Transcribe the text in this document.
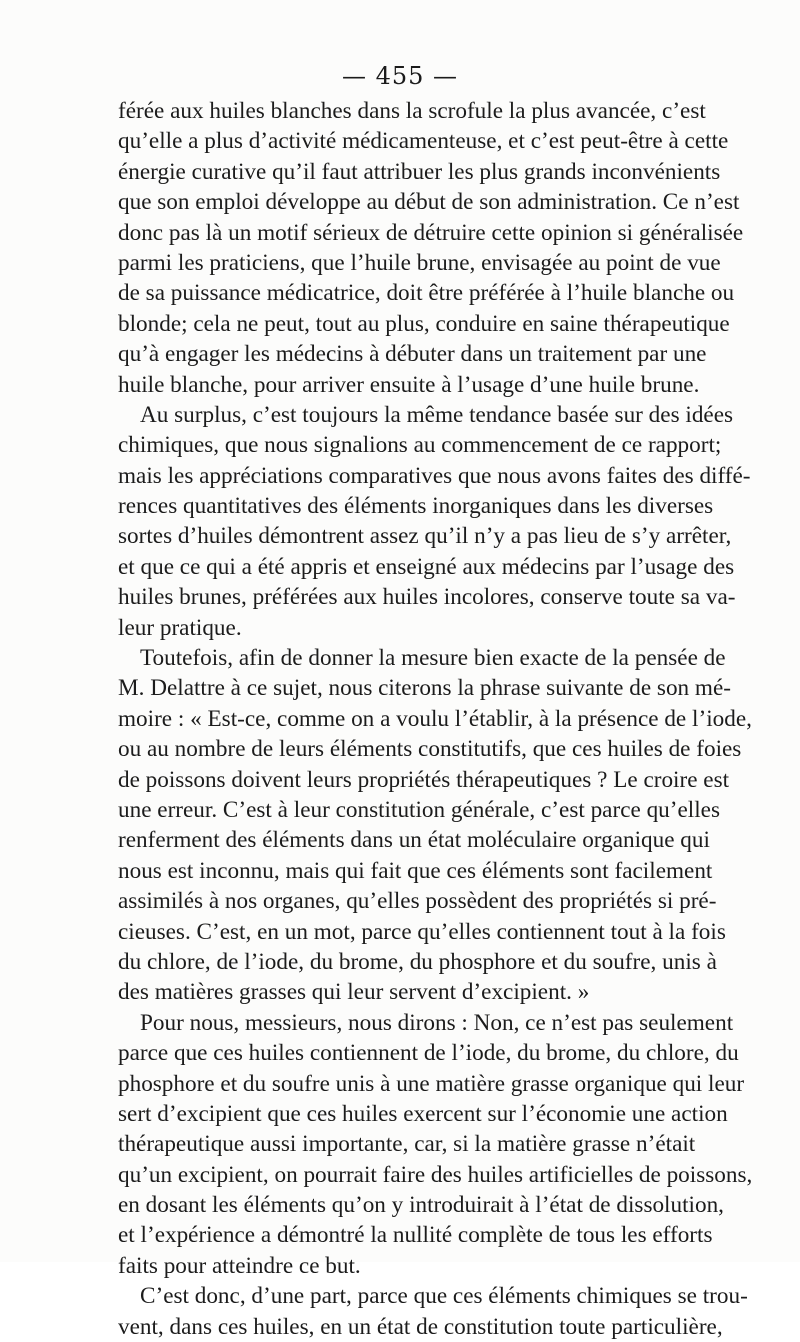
— 455 —
férée aux huiles blanches dans la scrofule la plus avancée, c’est
qu’elle a plus d’activité médicamenteuse, et c’est peut-être à cette
énergie curative qu’il faut attribuer les plus grands inconvénients
que son emploi développe au début de son administration. Ce n’est
donc pas là un motif sérieux de détruire cette opinion si généralisée
parmi les praticiens, que l’huile brune, envisagée au point de vue
de sa puissance médicatrice, doit être préférée à l’huile blanche ou
blonde; cela ne peut, tout au plus, conduire en saine thérapeutique
qu’à engager les médecins à débuter dans un traitement par une
huile blanche, pour arriver ensuite à l’usage d’une huile brune.
Au surplus, c’est toujours la même tendance basée sur des idées
chimiques, que nous signalions au commencement de ce rapport;
mais les appréciations comparatives que nous avons faites des diffé-
rences quantitatives des éléments inorganiques dans les diverses
sortes d’huiles démontrent assez qu’il n’y a pas lieu de s’y arrêter,
et que ce qui a été appris et enseigné aux médecins par l’usage des
huiles brunes, préférées aux huiles incolores, conserve toute sa va-
leur pratique.
Toutefois, afin de donner la mesure bien exacte de la pensée de
M. Delattre à ce sujet, nous citerons la phrase suivante de son mé-
moire : « Est-ce, comme on a voulu l’établir, à la présence de l’iode,
ou au nombre de leurs éléments constitutifs, que ces huiles de foies
de poissons doivent leurs propriétés thérapeutiques ? Le croire est
une erreur. C’est à leur constitution générale, c’est parce qu’elles
renferment des éléments dans un état moléculaire organique qui
nous est inconnu, mais qui fait que ces éléments sont facilement
assimilés à nos organes, qu’elles possèdent des propriétés si pré-
cieuses. C’est, en un mot, parce qu’elles contiennent tout à la fois
du chlore, de l’iode, du brome, du phosphore et du soufre, unis à
des matières grasses qui leur servent d’excipient. »
Pour nous, messieurs, nous dirons : Non, ce n’est pas seulement
parce que ces huiles contiennent de l’iode, du brome, du chlore, du
phosphore et du soufre unis à une matière grasse organique qui leur
sert d’excipient que ces huiles exercent sur l’économie une action
thérapeutique aussi importante, car, si la matière grasse n’était
qu’un excipient, on pourrait faire des huiles artificielles de poissons,
en dosant les éléments qu’on y introduirait à l’état de dissolution,
et l’expérience a démontré la nullité complète de tous les efforts
faits pour atteindre ce but.
C’est donc, d’une part, parce que ces éléments chimiques se trou-
vent, dans ces huiles, en un état de constitution toute particulière,
